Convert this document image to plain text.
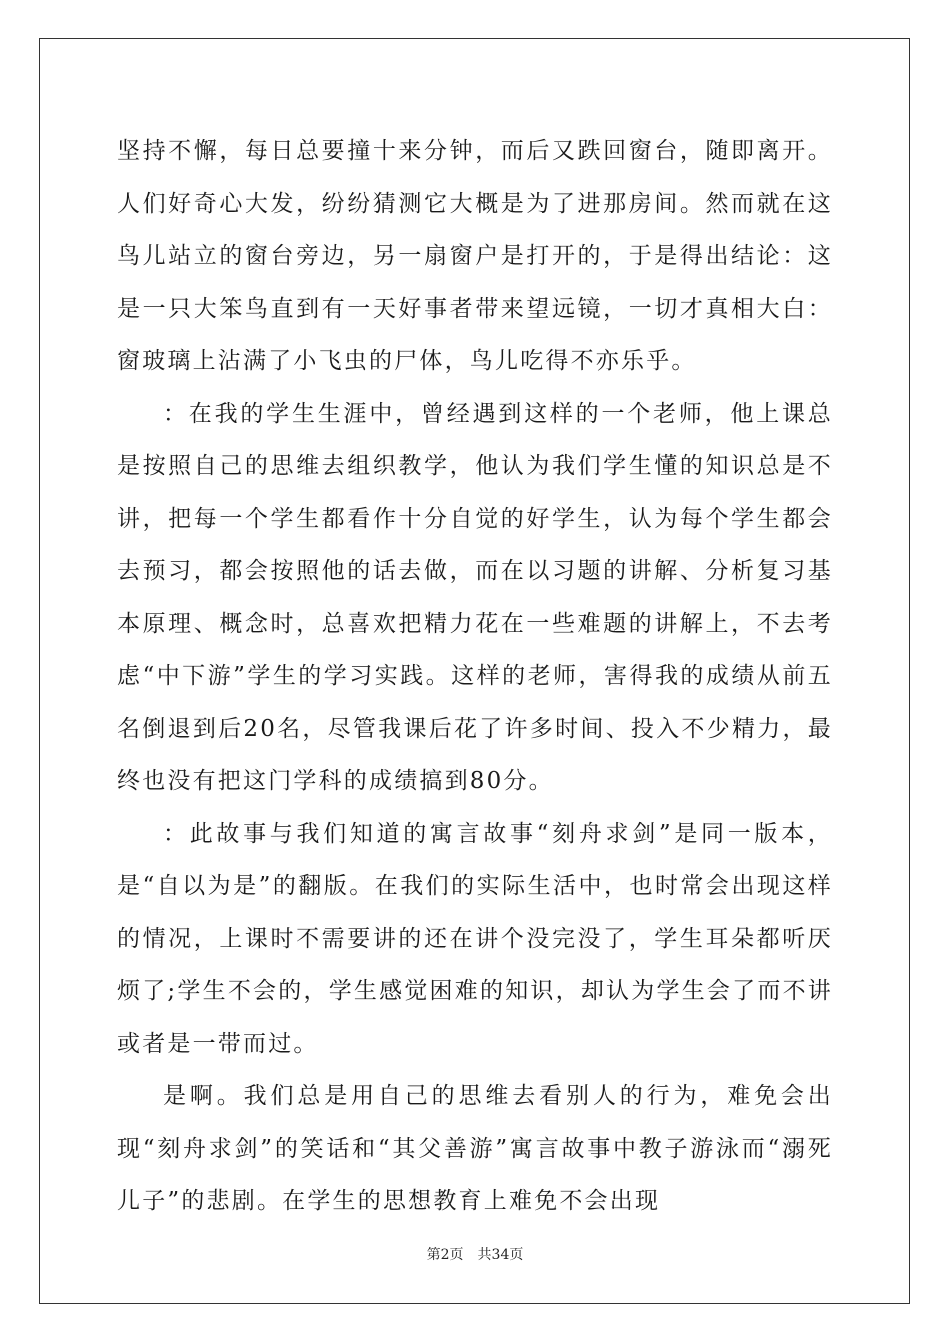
坚持不懈，每日总要撞十来分钟，而后又跌回窗台，随即离开。人们好奇心大发，纷纷猜测它大概是为了进那房间。然而就在这鸟儿站立的窗台旁边，另一扇窗户是打开的，于是得出结论：这是一只大笨鸟直到有一天好事者带来望远镜，一切才真相大白：窗玻璃上沾满了小飞虫的尸体，鸟儿吃得不亦乐乎。

：在我的学生生涯中，曾经遇到这样的一个老师，他上课总是按照自己的思维去组织教学，他认为我们学生懂的知识总是不讲，把每一个学生都看作十分自觉的好学生，认为每个学生都会去预习，都会按照他的话去做，而在以习题的讲解、分析复习基本原理、概念时，总喜欢把精力花在一些难题的讲解上，不去考虑“中下游”学生的学习实践。这样的老师，害得我的成绩从前五名倒退到后20名，尽管我课后花了许多时间、投入不少精力，最终也没有把这门学科的成绩搞到80分。

：此故事与我们知道的寓言故事“刻舟求剑”是同一版本，是“自以为是”的翻版。在我们的实际生活中，也时常会出现这样的情况，上课时不需要讲的还在讲个没完没了，学生耳朵都听厌烦了;学生不会的，学生感觉困难的知识，却认为学生会了而不讲或者是一带而过。

是啊。我们总是用自己的思维去看别人的行为，难免会出现“刻舟求剑”的笑话和“其父善游”寓言故事中教子游泳而“溺死儿子”的悲剧。在学生的思想教育上难免不会出现

第2页　共34页
